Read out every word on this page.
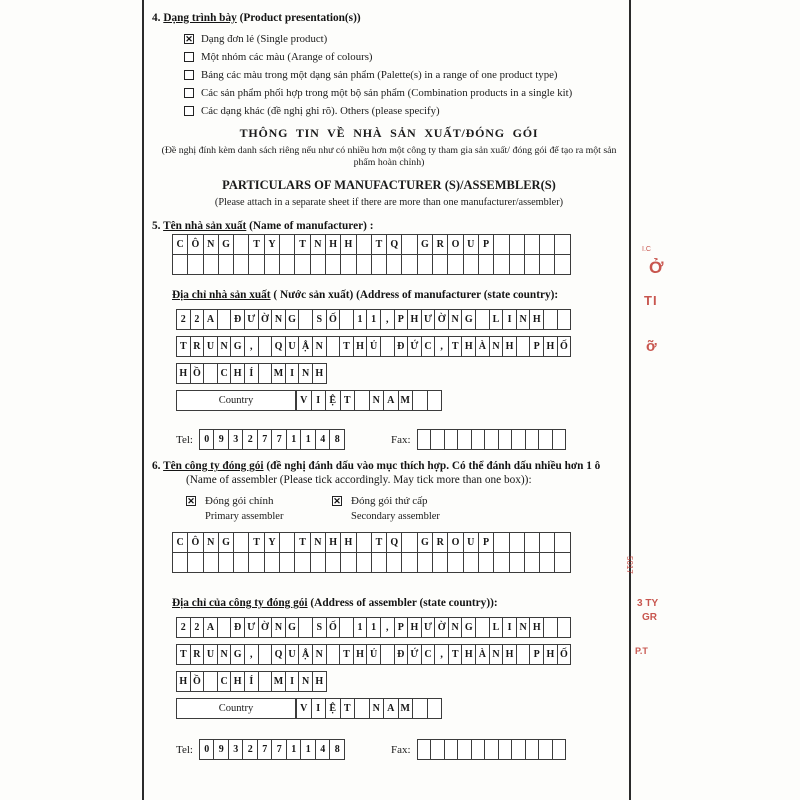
4. Dạng trình bày (Product presentation(s))
✕
Dạng đơn lẻ (Single product)
Một nhóm các màu (Arange of colours)
Bảng các màu trong một dạng sản phẩm (Palette(s) in a range of one product type)
Các sản phẩm phối hợp trong một bộ sản phẩm (Combination products in a single kit)
Các dạng khác (đề nghị ghi rõ). Others (please specify)
THÔNG TIN VỀ NHÀ SẢN XUẤT/ĐÓNG GÓI
(Đề nghị đính kèm danh sách riêng nếu như có nhiều hơn một công ty tham gia sản xuất/ đóng gói để tạo ra một sản phẩm hoàn chỉnh)
PARTICULARS OF MANUFACTURER (S)/ASSEMBLER(S)
(Please attach in a separate sheet if there are more than one manufacturer/assembler)
5. Tên nhà sản xuất (Name of manufacturer) :
C Ô N G	T Y	T N H H	T Q	G R O U P
Địa chỉ nhà sản xuất ( Nước sản xuất) (Address of manufacturer (state country):
2 2 A	Đ Ư Ờ N G	S Ố	1 1 , P H Ư Ờ N G	L I N H
T R U N G ,	Q U Ậ N	T H Ủ	Đ Ứ C , T H À N H	P H Ố
H Ồ	C H Í	M I N H
Country	V I Ệ T	N A M
Tel:	0 9 3 2 7 7 1 1 4 8	Fax:
6. Tên công ty đóng gói (đề nghị đánh dấu vào mục thích hợp. Có thể đánh dấu nhiều hơn 1 ô (Name of assembler (Please tick accordingly. May tick more than one box)):
✕
Đóng gói chính
Primary assembler
✕
Đóng gói thứ cấp
Secondary assembler
C Ô N G	T Y	T N H H	T Q	G R O U P
Địa chỉ của công ty đóng gói (Address of assembler (state country)):
2 2 A	Đ Ư Ờ N G	S Ố	1 1 , P H Ư Ờ N G	L I N H
T R U N G ,	Q U Ậ N	T H Ủ	Đ Ứ C , T H À N H	P H Ố
H Ồ	C H Í	M I N H
Country	V I Ệ T	N A M
Tel:	0 9 3 2 7 7 1 1 4 8	Fax:
I.C
Ở
TI
ỡ
5017
3 TY
GR
P.T
